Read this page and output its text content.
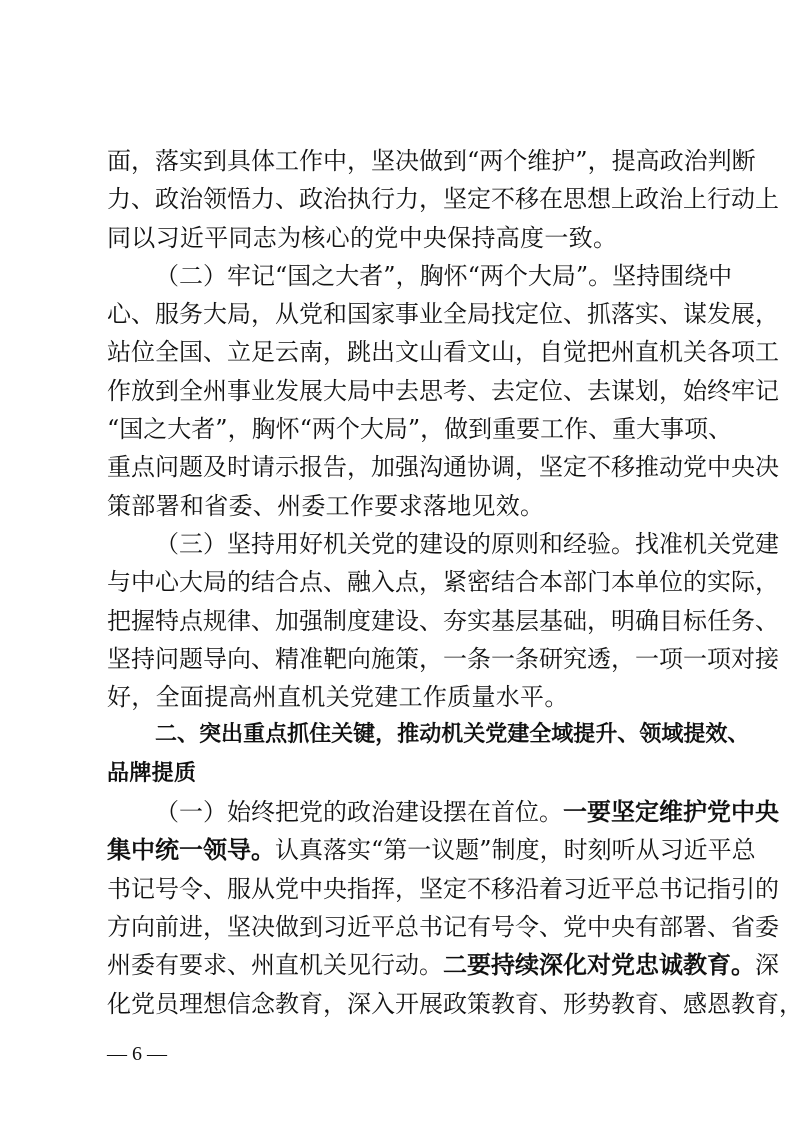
面 ， 落 实 到 具 体 工 作 中 ， 坚 决 做 到 “ 两 个 维 护 ” ， 提 高 政 治 判 断
力 、 政 治 领 悟 力 、 政 治 执 行 力 ， 坚 定 不 移 在 思 想 上 政 治 上 行 动 上
同 以 习 近 平 同 志 为 核 心 的 党 中 央 保 持 高 度 一 致 。
（ 二 ） 牢 记 “ 国 之 大 者 ” ， 胸 怀 “ 两 个 大 局 ” 。 坚 持 围 绕 中
心 、 服 务 大 局 ， 从 党 和 国 家 事 业 全 局 找 定 位 、 抓 落 实 、 谋 发 展 ，
站 位 全 国 、 立 足 云 南 ， 跳 出 文 山 看 文 山 ， 自 觉 把 州 直 机 关 各 项 工
作 放 到 全 州 事 业 发 展 大 局 中 去 思 考 、 去 定 位 、 去 谋 划 ， 始 终 牢 记
“ 国 之 大 者 ” ， 胸 怀 “ 两 个 大 局 ” ， 做 到 重 要 工 作 、 重 大 事 项 、
重 点 问 题 及 时 请 示 报 告 ， 加 强 沟 通 协 调 ， 坚 定 不 移 推 动 党 中 央 决
策 部 署 和 省 委 、 州 委 工 作 要 求 落 地 见 效 。
（ 三 ） 坚 持 用 好 机 关 党 的 建 设 的 原 则 和 经 验 。 找 准 机 关 党 建
与 中 心 大 局 的 结 合 点 、 融 入 点 ， 紧 密 结 合 本 部 门 本 单 位 的 实 际 ，
把 握 特 点 规 律 、 加 强 制 度 建 设 、 夯 实 基 层 基 础 ， 明 确 目 标 任 务 、
坚 持 问 题 导 向 、 精 准 靶 向 施 策 ， 一 条 一 条 研 究 透 ， 一 项 一 项 对 接
好 ， 全 面 提 高 州 直 机 关 党 建 工 作 质 量 水 平 。
二 、 突 出 重 点 抓 住 关 键 ， 推 动 机 关 党 建 全 域 提 升 、 领 域 提 效 、
品 牌 提 质
（ 一 ） 始 终 把 党 的 政 治 建 设 摆 在 首 位 。 一 要 坚 定 维 护 党 中 央
集 中 统 一 领 导 。 认 真 落 实 “ 第 一 议 题 ” 制 度 ， 时 刻 听 从 习 近 平 总
书 记 号 令 、 服 从 党 中 央 指 挥 ， 坚 定 不 移 沿 着 习 近 平 总 书 记 指 引 的
方 向 前 进 ， 坚 决 做 到 习 近 平 总 书 记 有 号 令 、 党 中 央 有 部 署 、 省 委
州 委 有 要 求 、 州 直 机 关 见 行 动 。 二 要 持 续 深 化 对 党 忠 诚 教 育 。 深
化 党 员 理 想 信 念 教 育 ， 深 入 开 展 政 策 教 育 、 形 势 教 育 、 感 恩 教 育 ，
— 6 —
